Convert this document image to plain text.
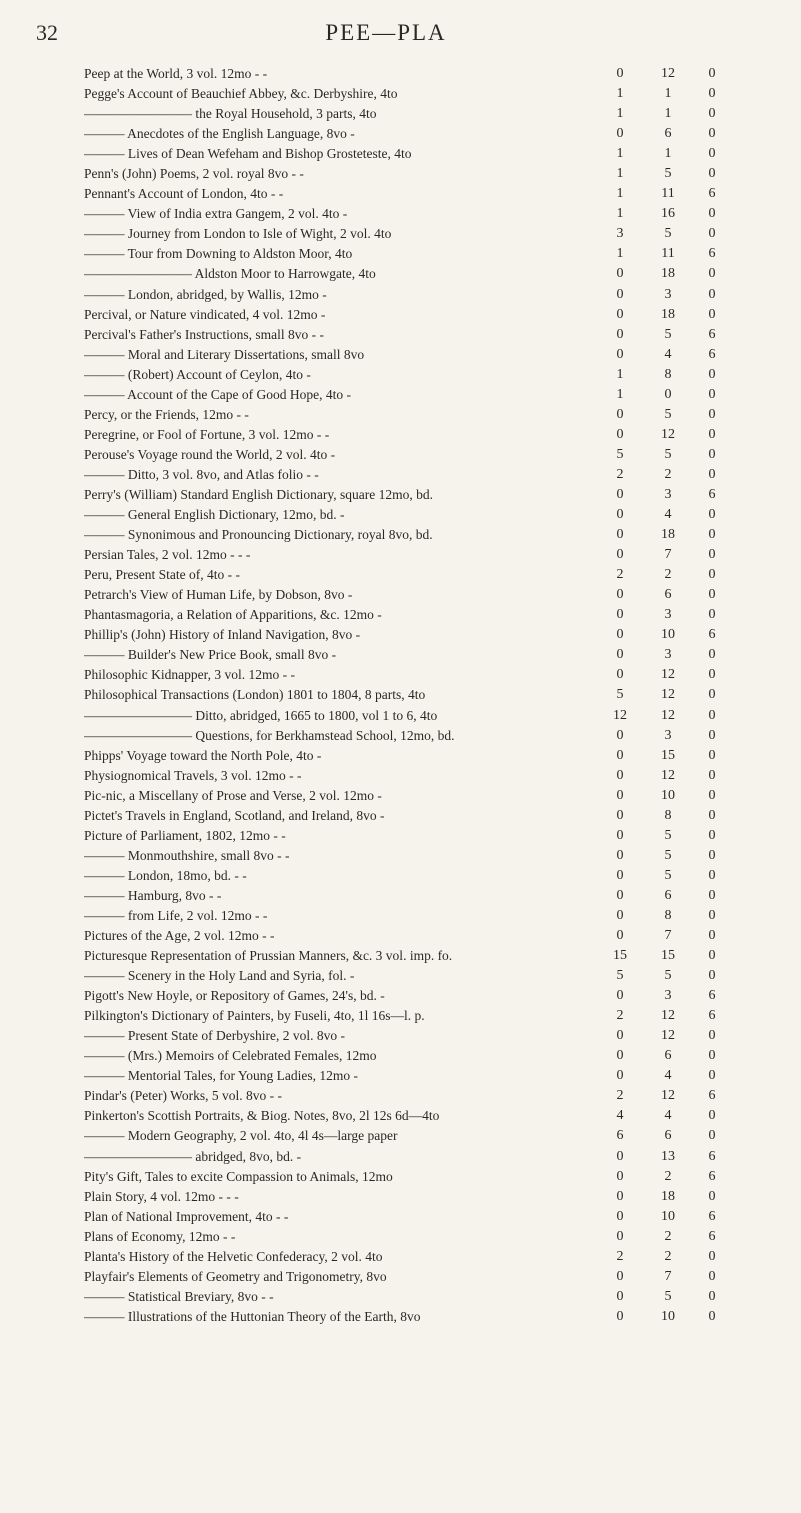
32	PEE—PLA
Peep at the World, 3 vol. 12mo - -	0	12	0
Pegge's Account of Beauchief Abbey, &c. Derbyshire, 4to	1	1	0
———————— the Royal Household, 3 parts, 4to	1	1	0
——— Anecdotes of the English Language, 8vo -	0	6	0
——— Lives of Dean Wefeham and Bishop Grosteteste, 4to	1	1	0
Penn's (John) Poems, 2 vol. royal 8vo - -	1	5	0
Pennant's Account of London, 4to - -	1	11	6
——— View of India extra Gangem, 2 vol. 4to -	1	16	0
——— Journey from London to Isle of Wight, 2 vol. 4to	3	5	0
——— Tour from Downing to Aldston Moor, 4to	1	11	6
———————— Aldston Moor to Harrowgate, 4to	0	18	0
——— London, abridged, by Wallis, 12mo -	0	3	0
Percival, or Nature vindicated, 4 vol. 12mo -	0	18	0
Percival's Father's Instructions, small 8vo - -	0	5	6
——— Moral and Literary Dissertations, small 8vo	0	4	6
——— (Robert) Account of Ceylon, 4to -	1	8	0
——— Account of the Cape of Good Hope, 4to -	1	0	0
Percy, or the Friends, 12mo - -	0	5	0
Peregrine, or Fool of Fortune, 3 vol. 12mo - -	0	12	0
Perouse's Voyage round the World, 2 vol. 4to -	5	5	0
——— Ditto, 3 vol. 8vo, and Atlas folio - -	2	2	0
Perry's (William) Standard English Dictionary, square 12mo, bd.	0	3	6
——— General English Dictionary, 12mo, bd. -	0	4	0
——— Synonimous and Pronouncing Dictionary, royal 8vo, bd.	0	18	0
Persian Tales, 2 vol. 12mo - - -	0	7	0
Peru, Present State of, 4to - -	2	2	0
Petrarch's View of Human Life, by Dobson, 8vo -	0	6	0
Phantasmagoria, a Relation of Apparitions, &c. 12mo -	0	3	0
Phillip's (John) History of Inland Navigation, 8vo -	0	10	6
——— Builder's New Price Book, small 8vo -	0	3	0
Philosophic Kidnapper, 3 vol. 12mo - -	0	12	0
Philosophical Transactions (London) 1801 to 1804, 8 parts, 4to	5	12	0
———————— Ditto, abridged, 1665 to 1800, vol 1 to 6, 4to	12	12	0
———————— Questions, for Berkhamstead School, 12mo, bd.	0	3	0
Phipps' Voyage toward the North Pole, 4to -	0	15	0
Physiognomical Travels, 3 vol. 12mo - -	0	12	0
Pic-nic, a Miscellany of Prose and Verse, 2 vol. 12mo -	0	10	0
Pictet's Travels in England, Scotland, and Ireland, 8vo -	0	8	0
Picture of Parliament, 1802, 12mo - -	0	5	0
——— Monmouthshire, small 8vo - -	0	5	0
——— London, 18mo, bd. - -	0	5	0
——— Hamburg, 8vo - -	0	6	0
——— from Life, 2 vol. 12mo - -	0	8	0
Pictures of the Age, 2 vol. 12mo - -	0	7	0
Picturesque Representation of Prussian Manners, &c. 3 vol. imp. fo.	15	15	0
——— Scenery in the Holy Land and Syria, fol. -	5	5	0
Pigott's New Hoyle, or Repository of Games, 24's, bd. -	0	3	6
Pilkington's Dictionary of Painters, by Fuseli, 4to, 1l 16s—l. p.	2	12	6
——— Present State of Derbyshire, 2 vol. 8vo -	0	12	0
——— (Mrs.) Memoirs of Celebrated Females, 12mo	0	6	0
——— Mentorial Tales, for Young Ladies, 12mo -	0	4	0
Pindar's (Peter) Works, 5 vol. 8vo - -	2	12	6
Pinkerton's Scottish Portraits, & Biog. Notes, 8vo, 2l 12s 6d—4to	4	4	0
——— Modern Geography, 2 vol. 4to, 4l 4s—large paper	6	6	0
———————— abridged, 8vo, bd. -	0	13	6
Pity's Gift, Tales to excite Compassion to Animals, 12mo	0	2	6
Plain Story, 4 vol. 12mo - - -	0	18	0
Plan of National Improvement, 4to - -	0	10	6
Plans of Economy, 12mo - -	0	2	6
Planta's History of the Helvetic Confederacy, 2 vol. 4to	2	2	0
Playfair's Elements of Geometry and Trigonometry, 8vo	0	7	0
——— Statistical Breviary, 8vo - -	0	5	0
——— Illustrations of the Huttonian Theory of the Earth, 8vo	0	10	0
